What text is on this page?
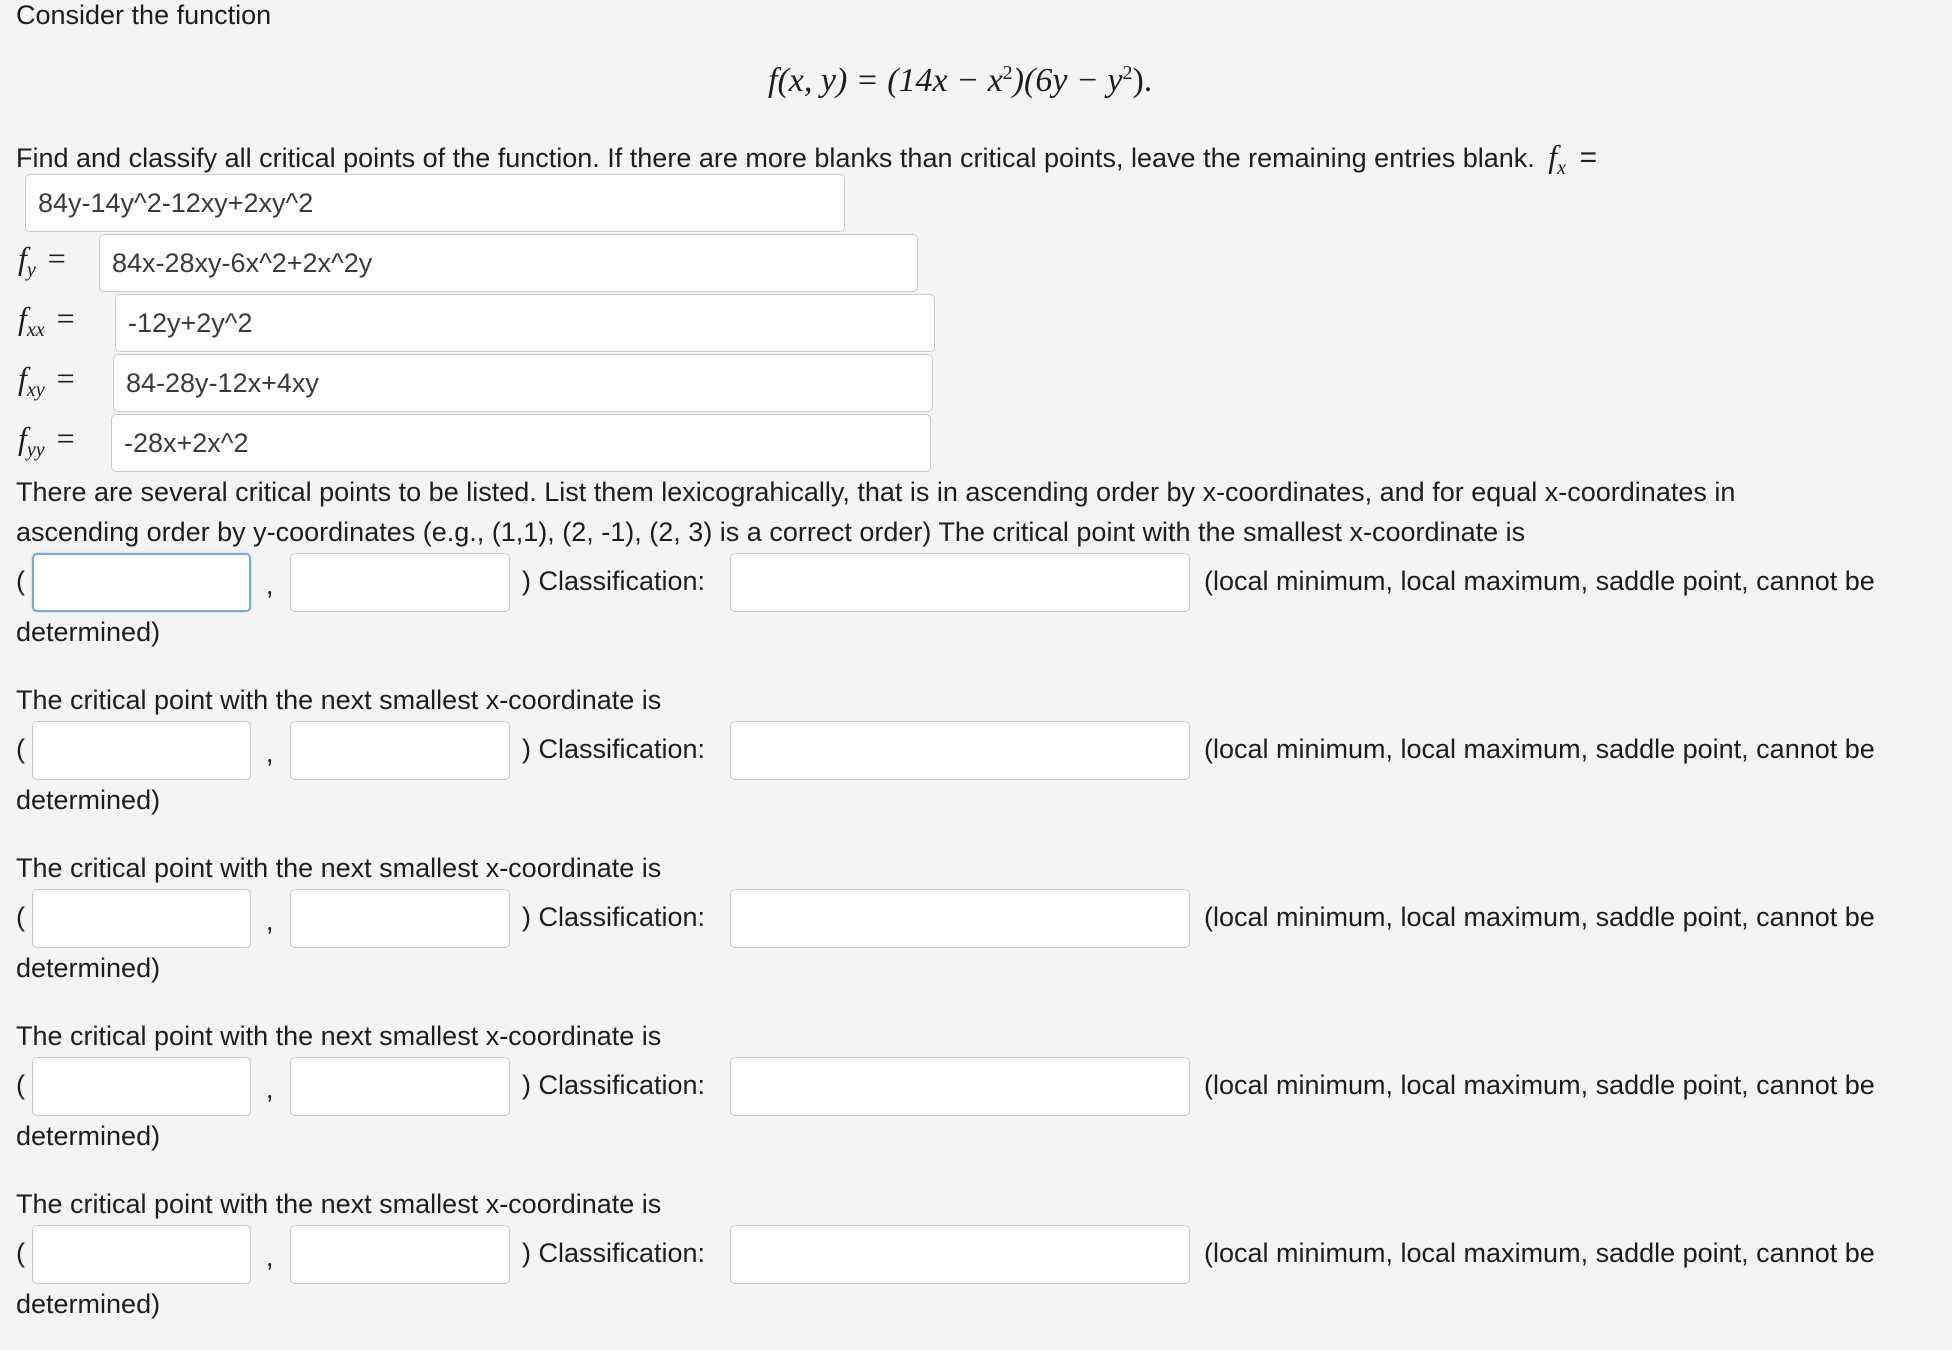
Consider the function
f(x, $y) = (14x - x^2)(6y - y^2)$.
Find and classify all critical points of the function. If there are more blanks than critical points, leave the remaining entries blank. $f_x$ =
84y-14y^2-12xy+2xy^2
$f_y$ =
84x-28xy-6x^2+2x^2y
$f_{xx}$ =
-12y+2y^2
$f_{xy}$ =
84-28y-12x+4xy
$f_{yy}$ =
-28x+2x^2
There are several critical points to be listed. List them lexicograhically, that is in ascending order by x-coordinates, and for equal x-coordinates in
ascending order by y-coordinates (e.g., (1,1), (2, -1), (2, 3) is a correct order) The critical point with the smallest x-coordinate is
(	,	) Classification:	(local minimum, local maximum, saddle point, cannot be
determined)
The critical point with the next smallest x-coordinate is
(	,	) Classification:	(local minimum, local maximum, saddle point, cannot be
determined)
The critical point with the next smallest x-coordinate is
(	,	) Classification:	(local minimum, local maximum, saddle point, cannot be
determined)
The critical point with the next smallest x-coordinate is
(	,	) Classification:	(local minimum, local maximum, saddle point, cannot be
determined)
The critical point with the next smallest x-coordinate is
(	,	) Classification:	(local minimum, local maximum, saddle point, cannot be
determined)
